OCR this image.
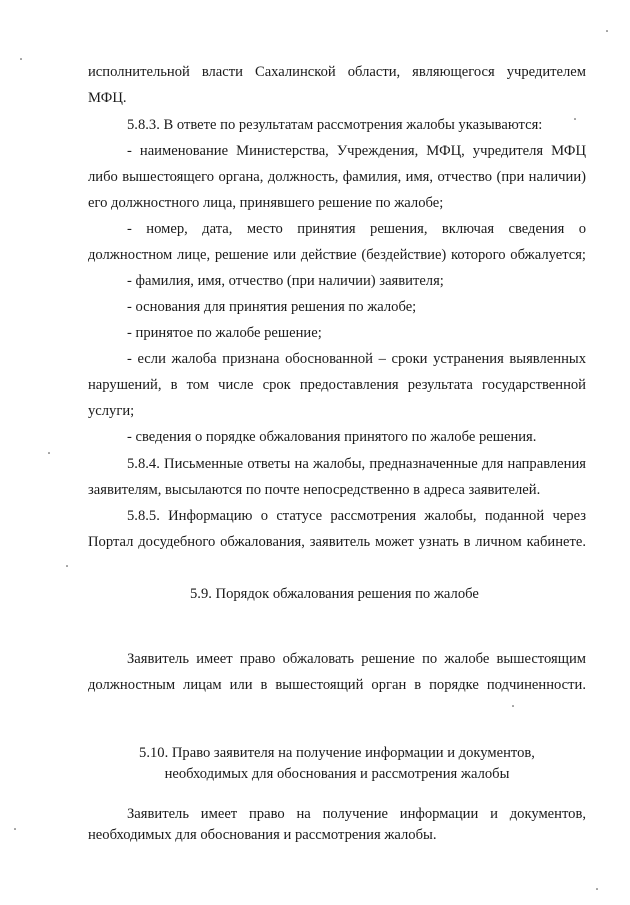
исполнительной власти Сахалинской области, являющегося учредителем
МФЦ.
5.8.3. В ответе по результатам рассмотрения жалобы указываются:
- наименование Министерства, Учреждения, МФЦ, учредителя МФЦ
либо вышестоящего органа, должность, фамилия, имя, отчество (при наличии)
его должностного лица, принявшего решение по жалобе;
- номер, дата, место принятия решения, включая сведения о
должностном лице, решение или действие (бездействие) которого обжалуется;
- фамилия, имя, отчество (при наличии) заявителя;
- основания для принятия решения по жалобе;
- принятое по жалобе решение;
- если жалоба признана обоснованной – сроки устранения выявленных
нарушений, в том числе срок предоставления результата государственной
услуги;
- сведения о порядке обжалования принятого по жалобе решения.
5.8.4. Письменные ответы на жалобы, предназначенные для направления
заявителям, высылаются по почте непосредственно в адреса заявителей.
5.8.5. Информацию о статусе рассмотрения жалобы, поданной через
Портал досудебного обжалования, заявитель может узнать в личном кабинете.
5.9. Порядок обжалования решения по жалобе
Заявитель имеет право обжаловать решение по жалобе вышестоящим
должностным лицам или в вышестоящий орган в порядке подчиненности.
5.10. Право заявителя на получение информации и документов,
необходимых для обоснования и рассмотрения жалобы
Заявитель имеет право на получение информации и документов,
необходимых для обоснования и рассмотрения жалобы.
